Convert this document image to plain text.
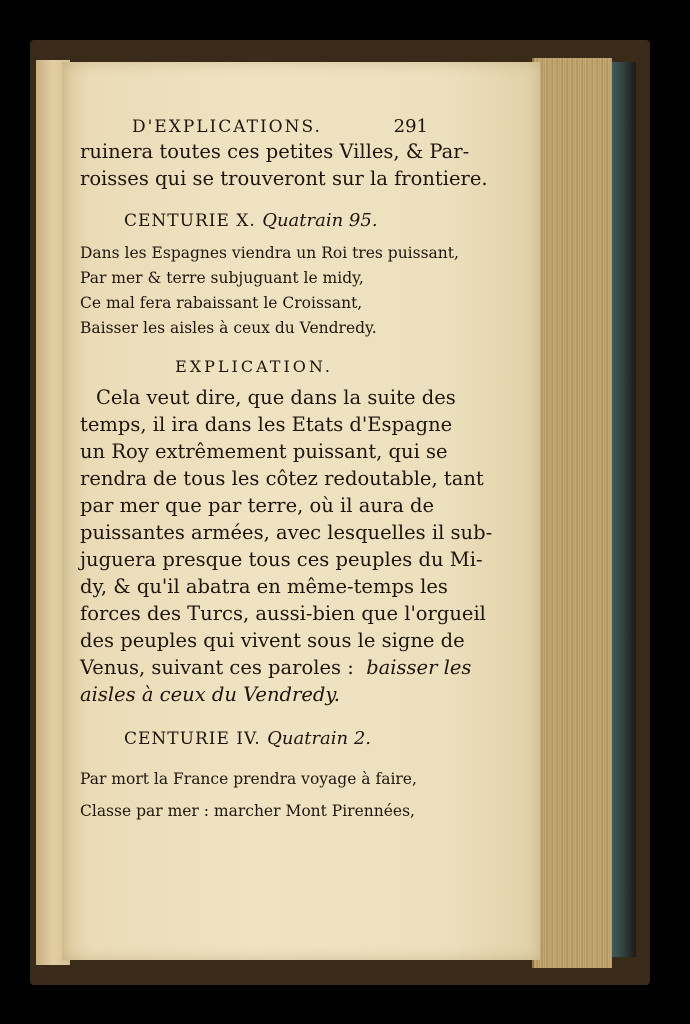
D'EXPLICATIONS.	291
ruinera toutes ces petites Villes, & Par-
roisses qui se trouveront sur la frontiere.
CENTURIE X. Quatrain 95.
Dans les Espagnes viendra un Roi tres puissant,
Par mer & terre subjuguant le midy,
Ce mal fera rabaissant le Croissant,
Baisser les aisles à ceux du Vendredy.
EXPLICATION.
Cela veut dire, que dans la suite des
temps, il ira dans les Etats d'Espagne
un Roy extrêmement puissant, qui se
rendra de tous les côtez redoutable, tant
par mer que par terre, où il aura de
puissantes armées, avec lesquelles il sub-
juguera presque tous ces peuples du Mi-
dy, & qu'il abatra en même-temps les
forces des Turcs, aussi-bien que l'orgueil
des peuples qui vivent sous le signe de
Venus, suivant ces paroles : baisser les
aisles à ceux du Vendredy.
CENTURIE IV. Quatrain 2.
Par mort la France prendra voyage à faire,
Classe par mer : marcher Mont Pirennées,
